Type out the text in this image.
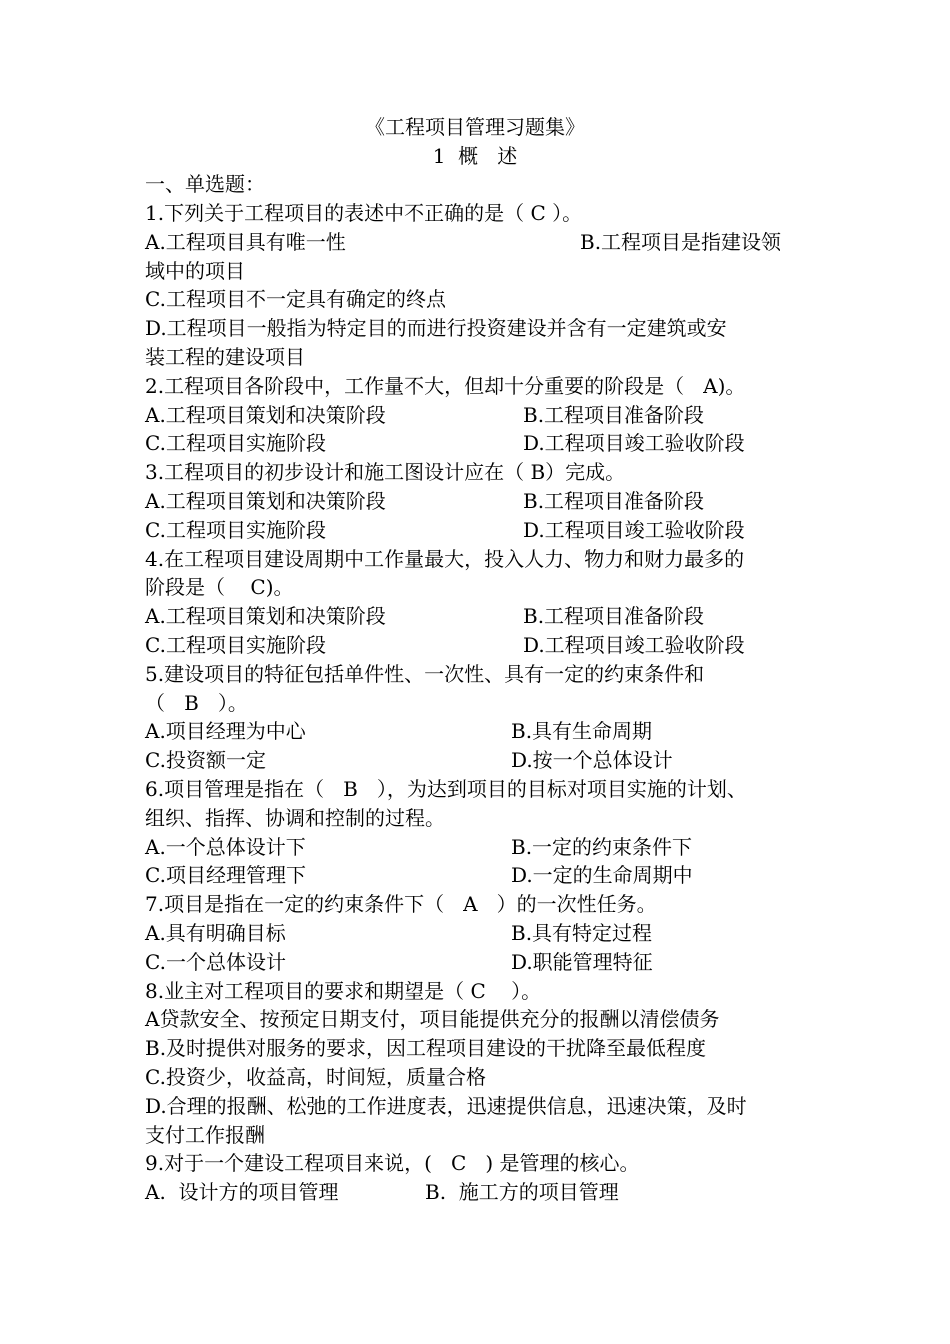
《工程项目管理习题集》
1  概   述
一、单选题：
1.下列关于工程项目的表述中不正确的是（ C ）。
A.工程项目具有唯一性	B.工程项目是指建设领
域中的项目
C.工程项目不一定具有确定的终点
D.工程项目一般指为特定目的而进行投资建设并含有一定建筑或安
装工程的建设项目
2.工程项目各阶段中，工作量不大，但却十分重要的阶段是（   A)。
A.工程项目策划和决策阶段	B.工程项目准备阶段
C.工程项目实施阶段	D.工程项目竣工验收阶段
3.工程项目的初步设计和施工图设计应在（ B）完成。
A.工程项目策划和决策阶段	B.工程项目准备阶段
C.工程项目实施阶段	D.工程项目竣工验收阶段
4.在工程项目建设周期中工作量最大，投入人力、物力和财力最多的
阶段是（    C)。
A.工程项目策划和决策阶段	B.工程项目准备阶段
C.工程项目实施阶段	D.工程项目竣工验收阶段
5.建设项目的特征包括单件性、一次性、具有一定的约束条件和
（   B   ）。
A.项目经理为中心	B.具有生命周期
C.投资额一定	D.按一个总体设计
6.项目管理是指在（   B   ），为达到项目的目标对项目实施的计划、
组织、指挥、协调和控制的过程。
A.一个总体设计下	B.一定的约束条件下
C.项目经理管理下	D.一定的生命周期中
7.项目是指在一定的约束条件下（   A   ）的一次性任务。
A.具有明确目标	B.具有特定过程
C.一个总体设计	D.职能管理特征
8.业主对工程项目的要求和期望是（ C    ）。
A贷款安全、按预定日期支付，项目能提供充分的报酬以清偿债务
B.及时提供对服务的要求，因工程项目建设的干扰降至最低程度
C.投资少，收益高，时间短，质量合格
D.合理的报酬、松弛的工作进度表，迅速提供信息，迅速决策，及时
支付工作报酬
9.对于一个建设工程项目来说，(   C   ) 是管理的核心。
A.  设计方的项目管理	B.  施工方的项目管理
